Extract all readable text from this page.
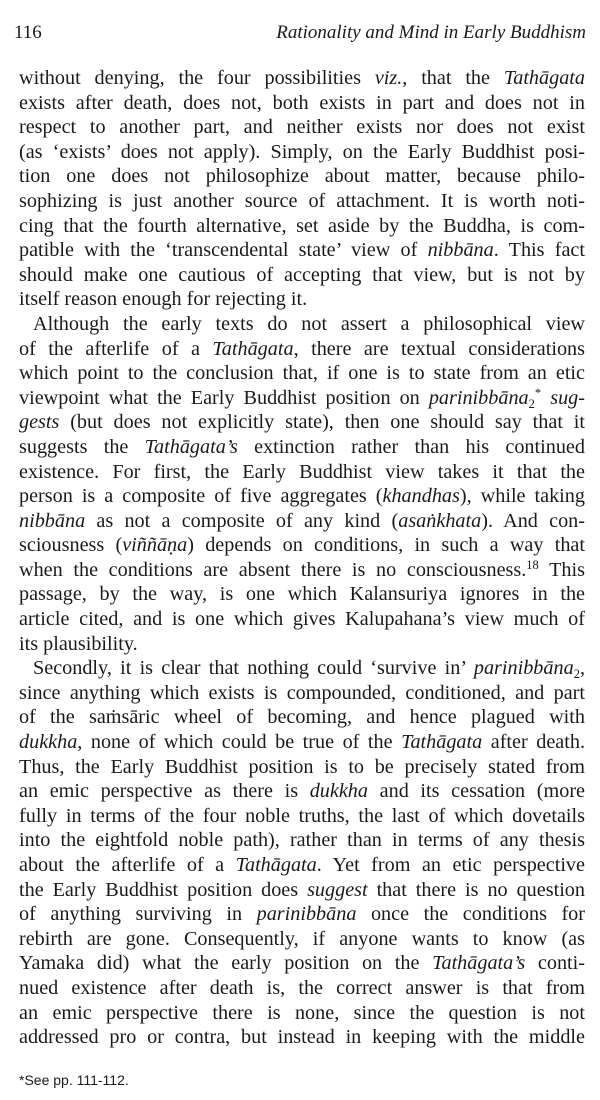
116	Rationality and Mind in Early Buddhism
without denying, the four possibilities viz., that the Tathāgata
exists after death, does not, both exists in part and does not in
respect to another part, and neither exists nor does not exist
(as ‘exists’ does not apply). Simply, on the Early Buddhist posi-
tion one does not philosophize about matter, because philo-
sophizing is just another source of attachment. It is worth noti-
cing that the fourth alternative, set aside by the Buddha, is com-
patible with the ‘transcendental state’ view of nibbāna. This fact
should make one cautious of accepting that view, but is not by
itself reason enough for rejecting it.
Although the early texts do not assert a philosophical view
of the afterlife of a Tathāgata, there are textual considerations
which point to the conclusion that, if one is to state from an etic
viewpoint what the Early Buddhist position on parinibbāna$_2$* sug-
gests (but does not explicitly state), then one should say that it
suggests the Tathāgata’s extinction rather than his continued
existence. For first, the Early Buddhist view takes it that the
person is a composite of five aggregates (khandhas), while taking
nibbāna as not a composite of any kind (asaṅkhata). And con-
sciousness (viññāṇa) depends on conditions, in such a way that
when the conditions are absent there is no consciousness.$^{18}$ This
passage, by the way, is one which Kalansuriya ignores in the
article cited, and is one which gives Kalupahana’s view much of
its plausibility.
Secondly, it is clear that nothing could ‘survive in’ parinibbāna$_2$,
since anything which exists is compounded, conditioned, and part
of the saṁsāric wheel of becoming, and hence plagued with
dukkha, none of which could be true of the Tathāgata after death.
Thus, the Early Buddhist position is to be precisely stated from
an emic perspective as there is dukkha and its cessation (more
fully in terms of the four noble truths, the last of which dovetails
into the eightfold noble path), rather than in terms of any thesis
about the afterlife of a Tathāgata. Yet from an etic perspective
the Early Buddhist position does suggest that there is no question
of anything surviving in parinibbāna once the conditions for
rebirth are gone. Consequently, if anyone wants to know (as
Yamaka did) what the early position on the Tathāgata’s conti-
nued existence after death is, the correct answer is that from
an emic perspective there is none, since the question is not
addressed pro or contra, but instead in keeping with the middle
*See pp. 111-112.
